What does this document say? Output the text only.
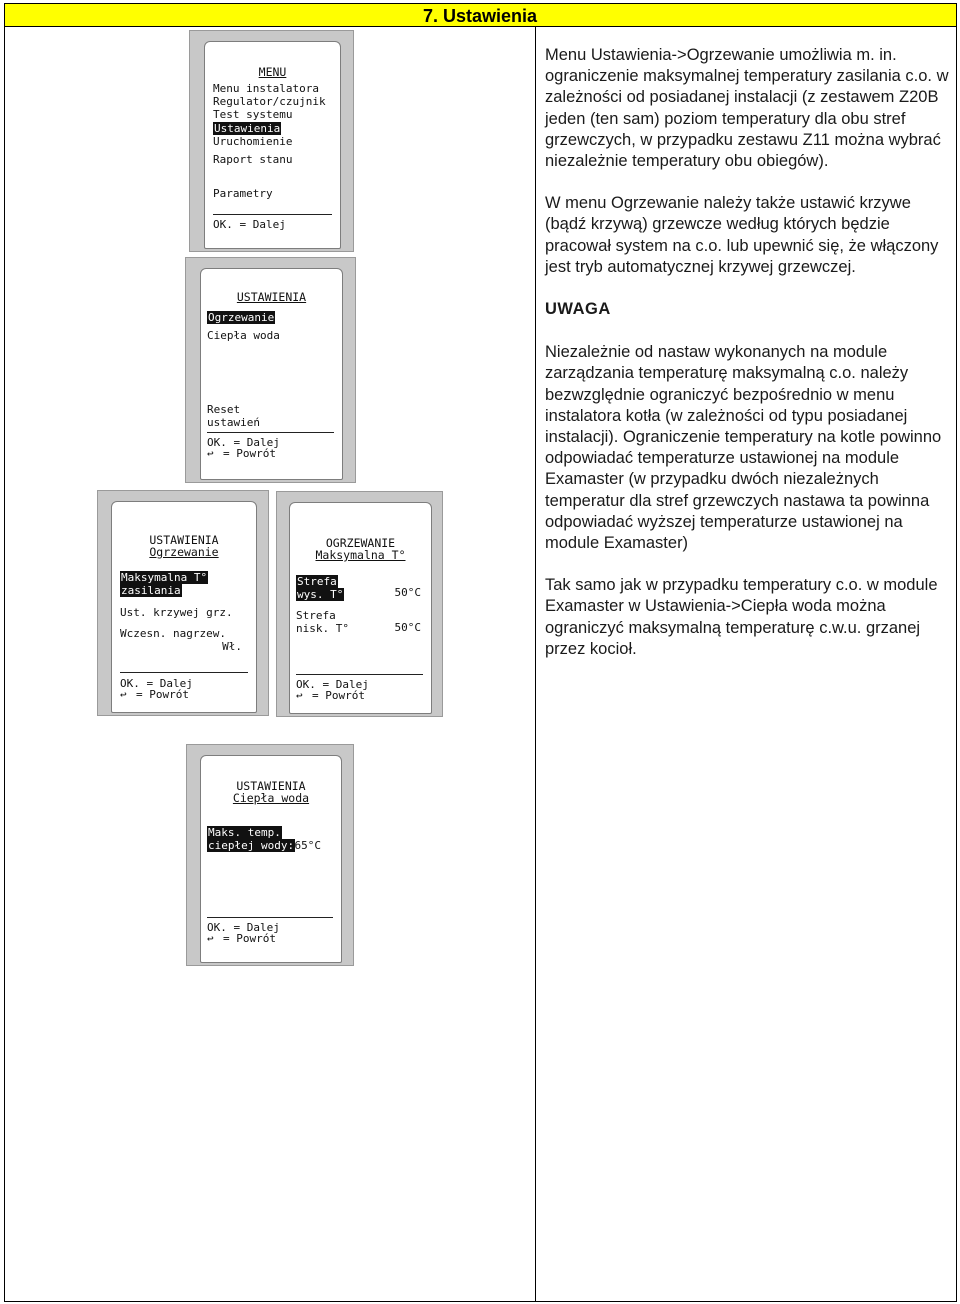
7. Ustawienia
MENU
Menu instalatora
Regulator/czujnik
Test systemu
Ustawienia
Uruchomienie
Raport stanu
Parametry
OK. = Dalej
USTAWIENIA
Ogrzewanie
Ciepła woda
Reset
ustawień
OK. = Dalej
↩ = Powrót
USTAWIENIA
Ogrzewanie
Maksymalna T°
zasilania
Ust. krzywej grz.
Wczesn. nagrzew.
Wł.
OK. = Dalej
↩ = Powrót
OGRZEWANIE
Maksymalna T°
Strefa
wys. T°	50°C
Strefa
nisk. T°	50°C
OK. = Dalej
↩ = Powrót
USTAWIENIA
Ciepła woda
Maks. temp.
ciepłej wody: 65°C
OK. = Dalej
↩ = Powrót

Menu Ustawienia->Ogrzewanie umożliwia m. in. ograniczenie maksymalnej temperatury zasilania c.o. w zależności od posiadanej instalacji (z zestawem Z20B jeden (ten sam) poziom temperatury dla obu stref grzewczych, w przypadku zestawu Z11 można wybrać niezależnie temperatury obu obiegów).

W menu Ogrzewanie należy także ustawić krzywe (bądź krzywą) grzewcze według których będzie pracował system na c.o. lub upewnić się, że włączony jest tryb automatycznej krzywej grzewczej.

UWAGA

Niezależnie od nastaw wykonanych na module zarządzania temperaturę maksymalną c.o. należy bezwzględnie ograniczyć bezpośrednio w menu instalatora kotła (w zależności od typu posiadanej instalacji). Ograniczenie temperatury na kotle powinno odpowiadać temperaturze ustawionej na module Examaster (w przypadku dwóch niezależnych temperatur dla stref grzewczych nastawa ta powinna odpowiadać wyższej temperaturze ustawionej na module Examaster)

Tak samo jak w przypadku temperatury c.o. w module Examaster w Ustawienia->Ciepła woda można ograniczyć maksymalną temperaturę c.w.u. grzanej przez kocioł.
